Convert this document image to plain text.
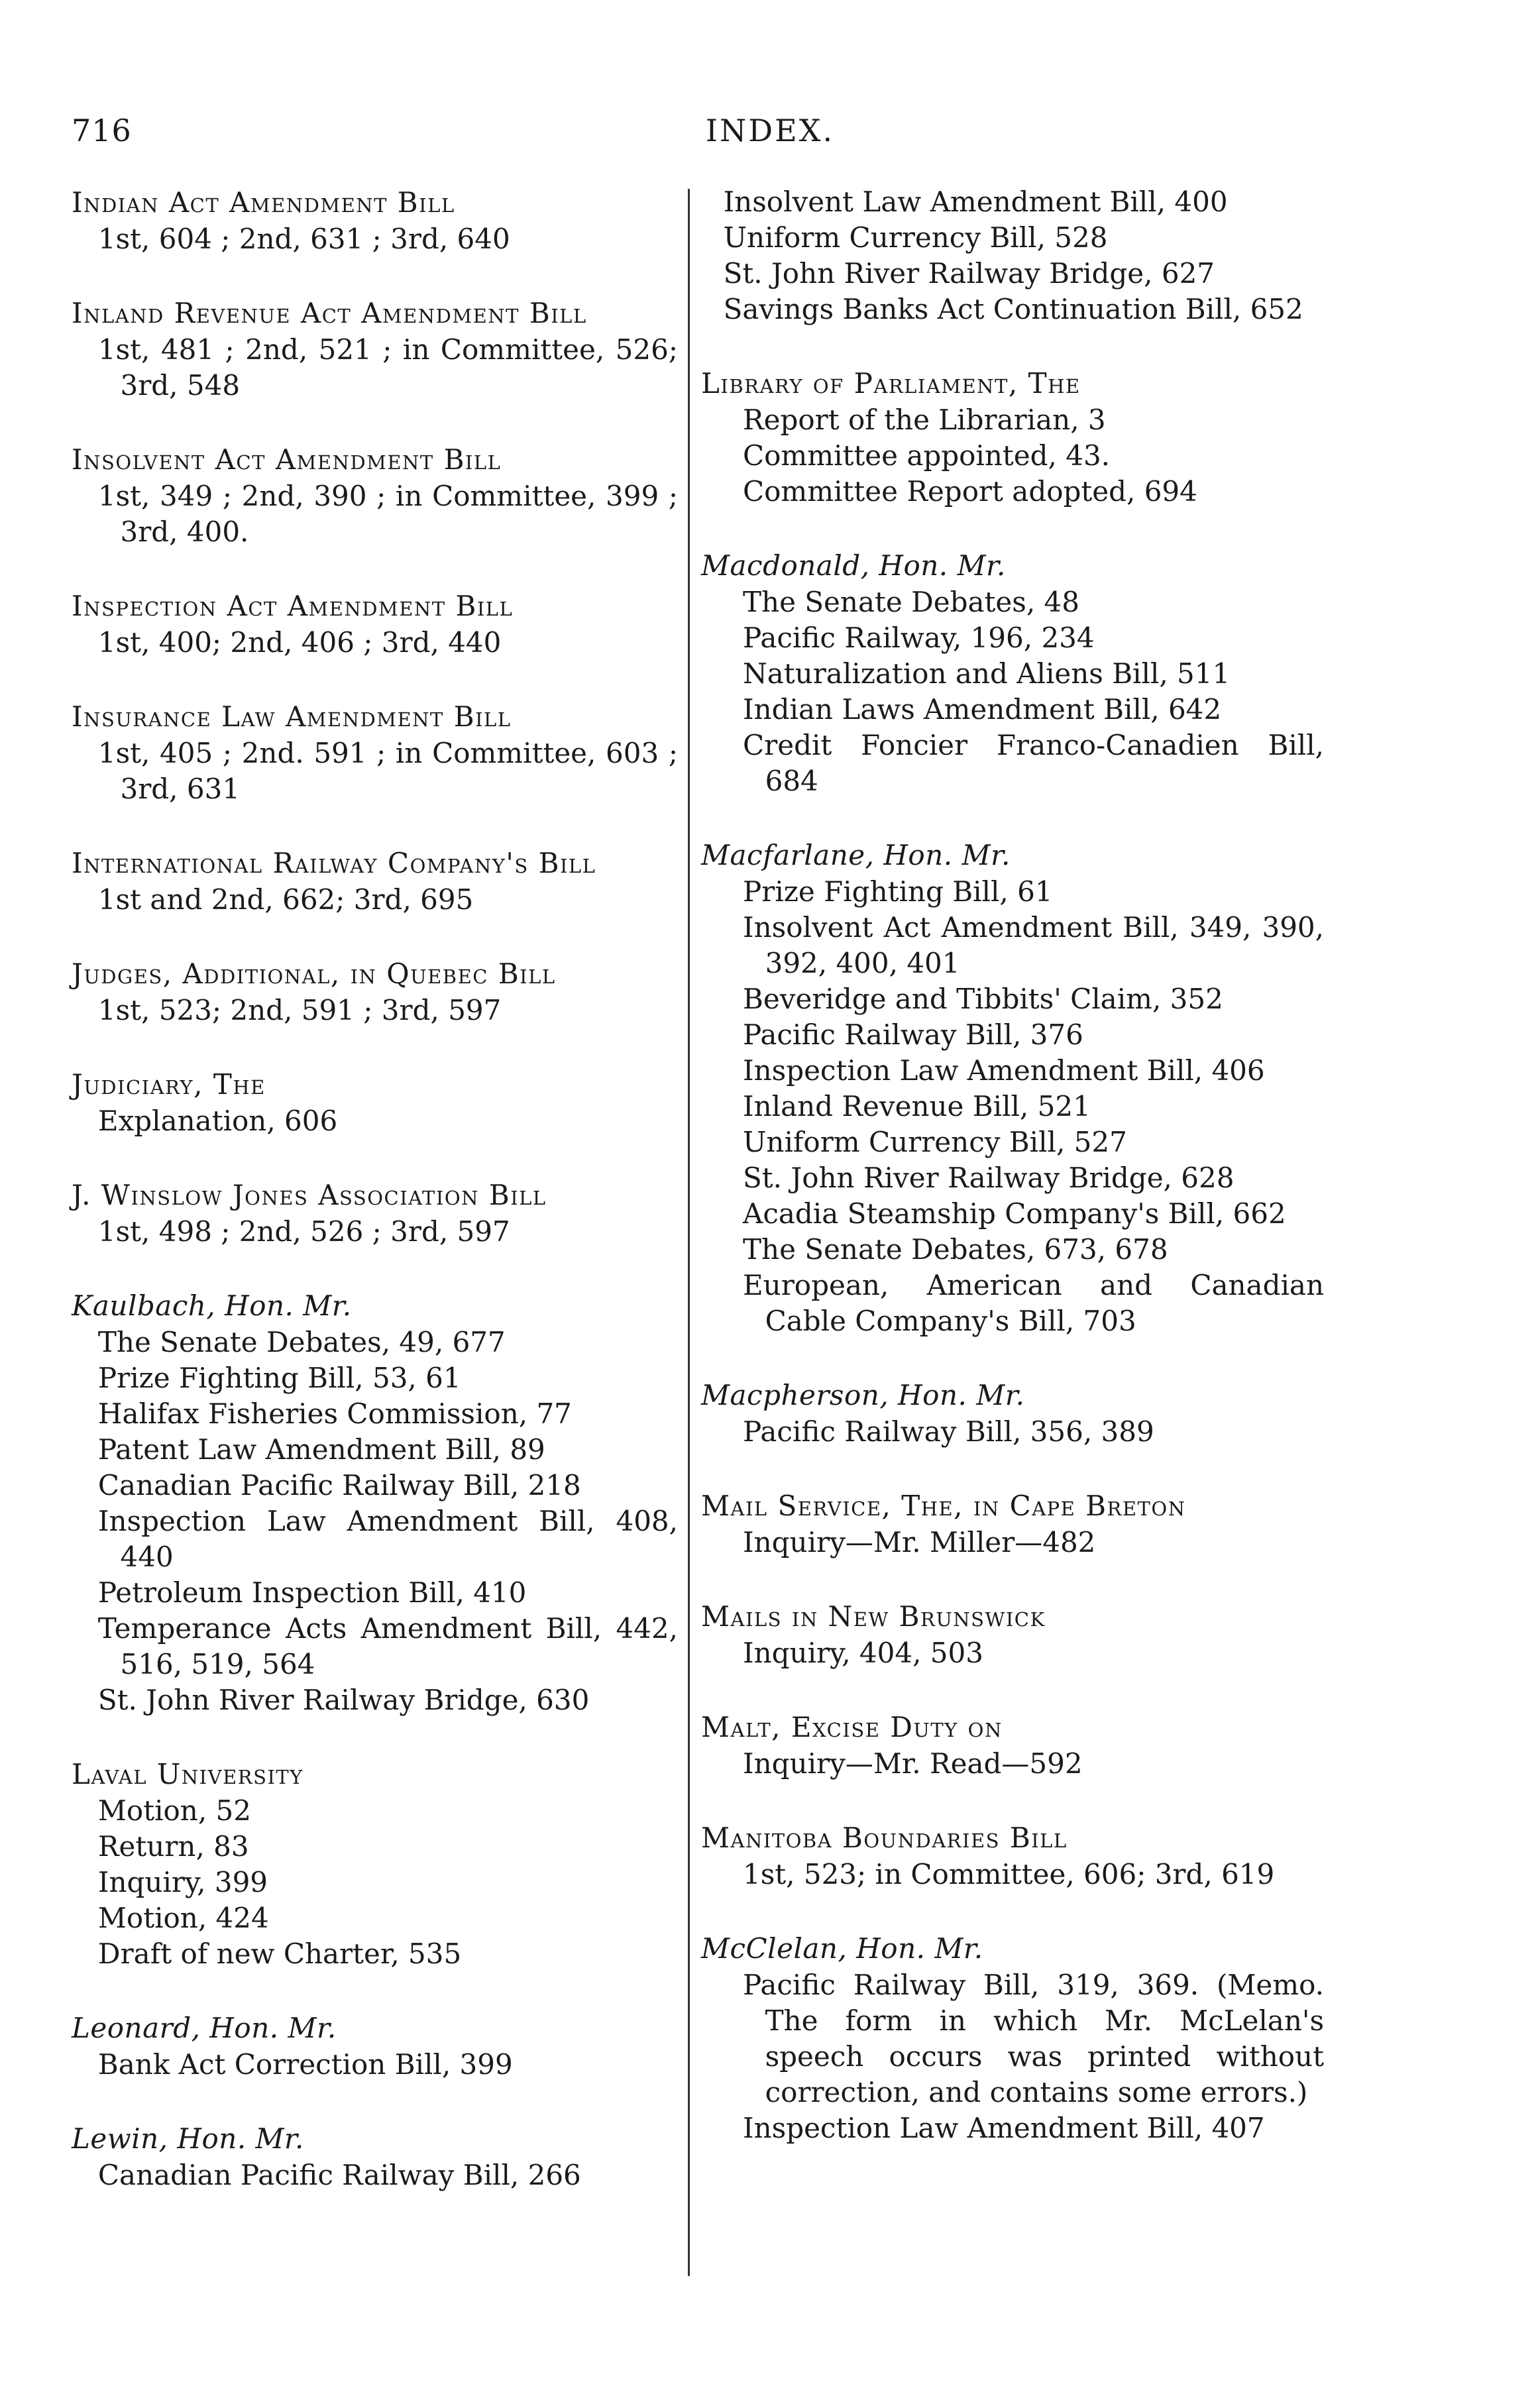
716	INDEX.
Indian Act Amendment Bill
1st, 604 ; 2nd, 631 ; 3rd, 640
Inland Revenue Act Amendment Bill
1st, 481 ; 2nd, 521 ; in Committee, 526; 3rd, 548
Insolvent Act Amendment Bill
1st, 349 ; 2nd, 390 ; in Committee, 399 ; 3rd, 400.
Inspection Act Amendment Bill
1st, 400; 2nd, 406 ; 3rd, 440
Insurance Law Amendment Bill
1st, 405 ; 2nd. 591 ; in Committee, 603 ; 3rd, 631
International Railway Company's Bill
1st and 2nd, 662; 3rd, 695
Judges, Additional, in Quebec Bill
1st, 523; 2nd, 591 ; 3rd, 597
Judiciary, The
Explanation, 606
J. Winslow Jones Association Bill
1st, 498 ; 2nd, 526 ; 3rd, 597
Kaulbach, Hon. Mr.
The Senate Debates, 49, 677
Prize Fighting Bill, 53, 61
Halifax Fisheries Commission, 77
Patent Law Amendment Bill, 89
Canadian Pacific Railway Bill, 218
Inspection Law Amendment Bill, 408, 440
Petroleum Inspection Bill, 410
Temperance Acts Amendment Bill, 442, 516, 519, 564
St. John River Railway Bridge, 630
Laval University
Motion, 52
Return, 83
Inquiry, 399
Motion, 424
Draft of new Charter, 535
Leonard, Hon. Mr.
Bank Act Correction Bill, 399
Lewin, Hon. Mr.
Canadian Pacific Railway Bill, 266
Insolvent Law Amendment Bill, 400
Uniform Currency Bill, 528
St. John River Railway Bridge, 627
Savings Banks Act Continuation Bill, 652
Library of Parliament, The
Report of the Librarian, 3
Committee appointed, 43.
Committee Report adopted, 694
Macdonald, Hon. Mr.
The Senate Debates, 48
Pacific Railway, 196, 234
Naturalization and Aliens Bill, 511
Indian Laws Amendment Bill, 642
Credit Foncier Franco-Canadien Bill, 684
Macfarlane, Hon. Mr.
Prize Fighting Bill, 61
Insolvent Act Amendment Bill, 349, 390, 392, 400, 401
Beveridge and Tibbits' Claim, 352
Pacific Railway Bill, 376
Inspection Law Amendment Bill, 406
Inland Revenue Bill, 521
Uniform Currency Bill, 527
St. John River Railway Bridge, 628
Acadia Steamship Company's Bill, 662
The Senate Debates, 673, 678
European, American and Canadian Cable Company's Bill, 703
Macpherson, Hon. Mr.
Pacific Railway Bill, 356, 389
Mail Service, The, in Cape Breton
Inquiry—Mr. Miller—482
Mails in New Brunswick
Inquiry, 404, 503
Malt, Excise Duty on
Inquiry—Mr. Read—592
Manitoba Boundaries Bill
1st, 523; in Committee, 606; 3rd, 619
McClelan, Hon. Mr.
Pacific Railway Bill, 319, 369. (Memo. The form in which Mr. McLelan's speech occurs was printed without correction, and contains some errors.)
Inspection Law Amendment Bill, 407
